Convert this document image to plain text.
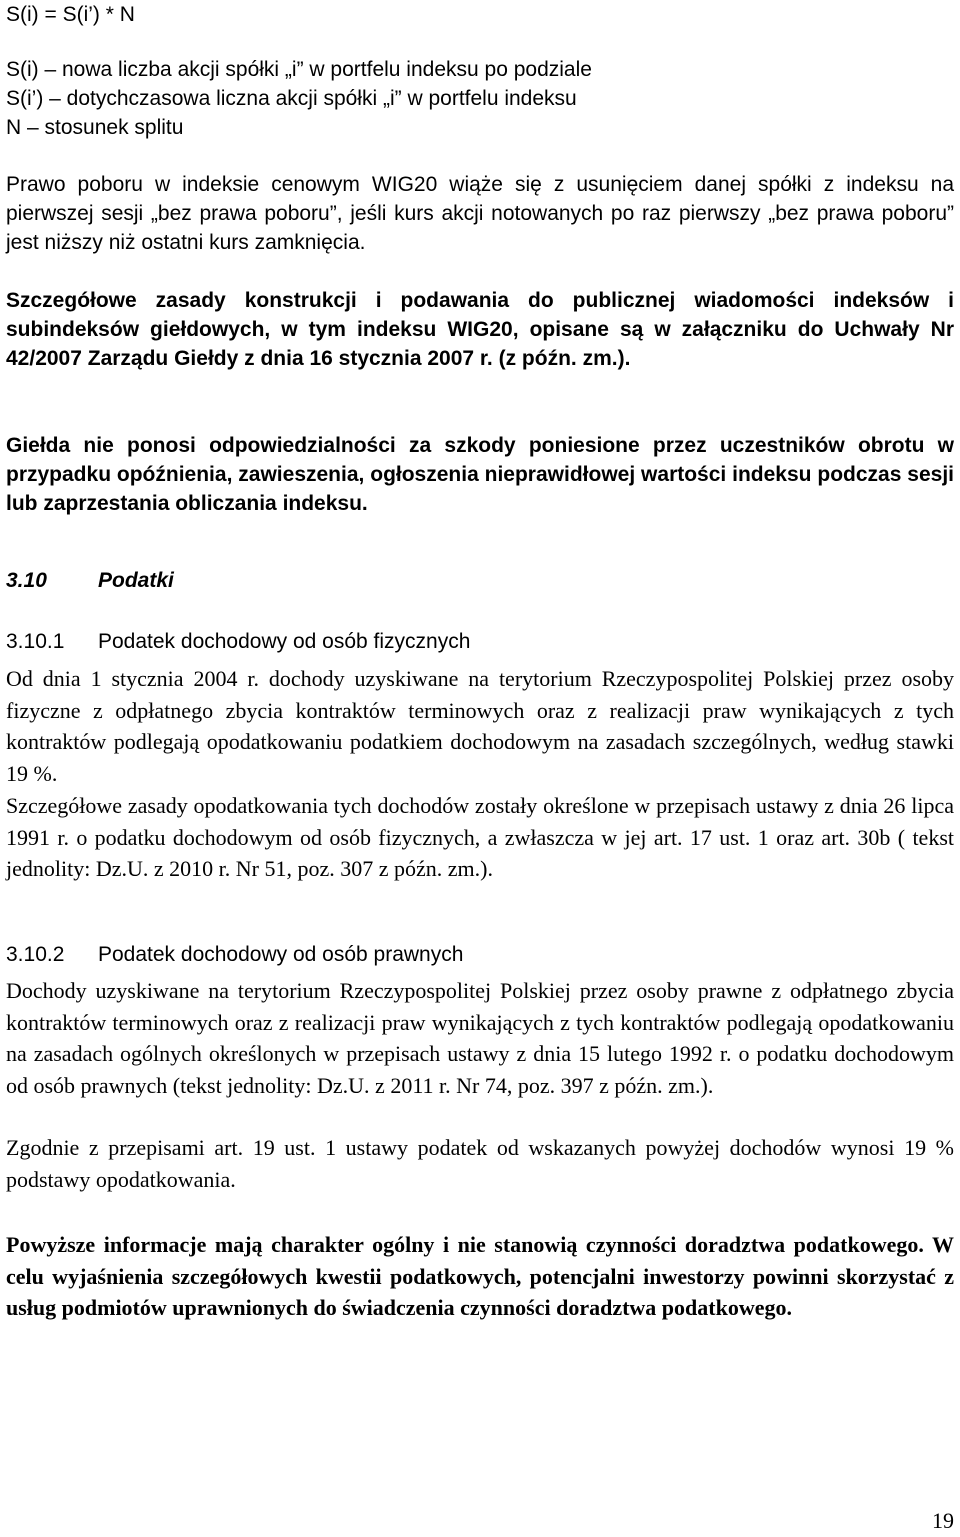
S(i) = S(i’) * N

S(i) – nowa liczba akcji spółki „i” w portfelu indeksu po podziale
S(i’) – dotychczasowa liczna akcji spółki „i” w portfelu indeksu
N – stosunek splitu

Prawo poboru w indeksie cenowym WIG20 wiąże się z usunięciem danej spółki z indeksu na pierwszej sesji „bez prawa poboru”, jeśli kurs akcji notowanych po raz pierwszy „bez prawa poboru” jest niższy niż ostatni kurs zamknięcia.

Szczegółowe zasady konstrukcji i podawania do publicznej wiadomości indeksów i subindeksów giełdowych, w tym indeksu WIG20, opisane są w załączniku do Uchwały Nr 42/2007 Zarządu Giełdy z dnia 16 stycznia 2007 r. (z późn. zm.).

Giełda nie ponosi odpowiedzialności za szkody poniesione przez uczestników obrotu w przypadku opóźnienia, zawieszenia, ogłoszenia nieprawidłowej wartości indeksu podczas sesji lub zaprzestania obliczania indeksu.

3.10 Podatki
3.10.1 Podatek dochodowy od osób fizycznych

Od dnia 1 stycznia 2004 r. dochody uzyskiwane na terytorium Rzeczypospolitej Polskiej przez osoby fizyczne z odpłatnego zbycia kontraktów terminowych oraz z realizacji praw wynikających z tych kontraktów podlegają opodatkowaniu podatkiem dochodowym na zasadach szczególnych, według stawki 19 %.

Szczegółowe zasady opodatkowania tych dochodów zostały określone w przepisach ustawy z dnia 26 lipca 1991 r. o podatku dochodowym od osób fizycznych, a zwłaszcza w jej art. 17 ust. 1 oraz art. 30b ( tekst jednolity: Dz.U. z 2010 r. Nr 51, poz. 307 z późn. zm.).

3.10.2 Podatek dochodowy od osób prawnych

Dochody uzyskiwane na terytorium Rzeczypospolitej Polskiej przez osoby prawne z odpłatnego zbycia kontraktów terminowych oraz z realizacji praw wynikających z tych kontraktów podlegają opodatkowaniu na zasadach ogólnych określonych w przepisach ustawy z dnia 15 lutego 1992 r. o podatku dochodowym od osób prawnych (tekst jednolity: Dz.U. z 2011 r. Nr 74, poz. 397 z późn. zm.).

Zgodnie z przepisami art. 19 ust. 1 ustawy podatek od wskazanych powyżej dochodów wynosi 19 % podstawy opodatkowania.

Powyższe informacje mają charakter ogólny i nie stanowią czynności doradztwa podatkowego. W celu wyjaśnienia szczegółowych kwestii podatkowych, potencjalni inwestorzy powinni skorzystać z usług podmiotów uprawnionych do świadczenia czynności doradztwa podatkowego.

19
